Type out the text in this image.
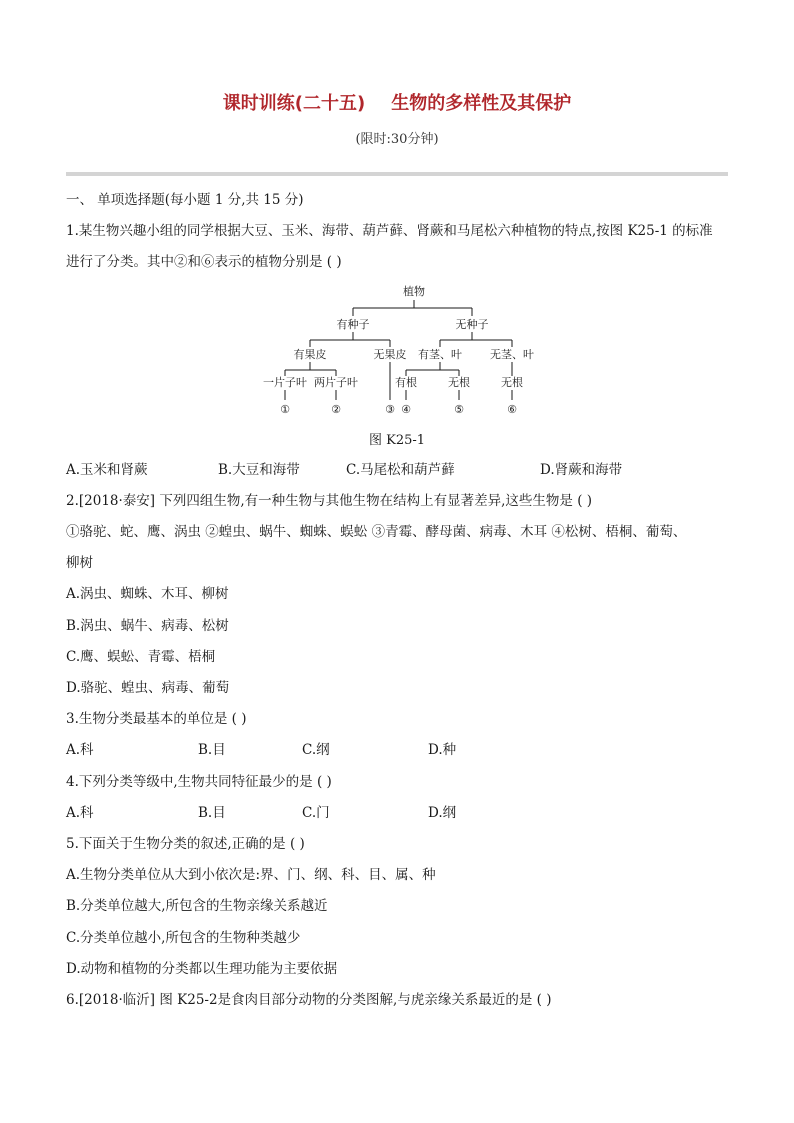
课时训练(二十五) 生物的多样性及其保护
(限时:30分钟)
一、 单项选择题(每小题 1 分,共 15 分)
1.某生物兴趣小组的同学根据大豆、玉米、海带、葫芦藓、肾蕨和马尾松六种植物的特点,按图 K25-1 的标准
进行了分类。其中②和⑥表示的植物分别是 ( )
植物
有种子	无种子
有果皮	无果皮 有茎、叶	无茎、叶
一片子叶 两片子叶	有根	无根	无根
①	②	③ ④	⑤	⑥
图 K25-1
A.玉米和肾蕨	B.大豆和海带	C.马尾松和葫芦藓	D.肾蕨和海带
2.[2018·泰安] 下列四组生物,有一种生物与其他生物在结构上有显著差异,这些生物是 ( )
①骆驼、蛇、鹰、涡虫 ②蝗虫、蜗牛、蜘蛛、蜈蚣 ③青霉、酵母菌、病毒、木耳 ④松树、梧桐、葡萄、
柳树
A.涡虫、蜘蛛、木耳、柳树
B.涡虫、蜗牛、病毒、松树
C.鹰、蜈蚣、青霉、梧桐
D.骆驼、蝗虫、病毒、葡萄
3.生物分类最基本的单位是 ( )
A.科	B.目	C.纲	D.种
4.下列分类等级中,生物共同特征最少的是 ( )
A.科	B.目	C.门	D.纲
5.下面关于生物分类的叙述,正确的是 ( )
A.生物分类单位从大到小依次是:界、门、纲、科、目、属、种
B.分类单位越大,所包含的生物亲缘关系越近
C.分类单位越小,所包含的生物种类越少
D.动物和植物的分类都以生理功能为主要依据
6.[2018·临沂] 图 K25-2是食肉目部分动物的分类图解,与虎亲缘关系最近的是 ( )
